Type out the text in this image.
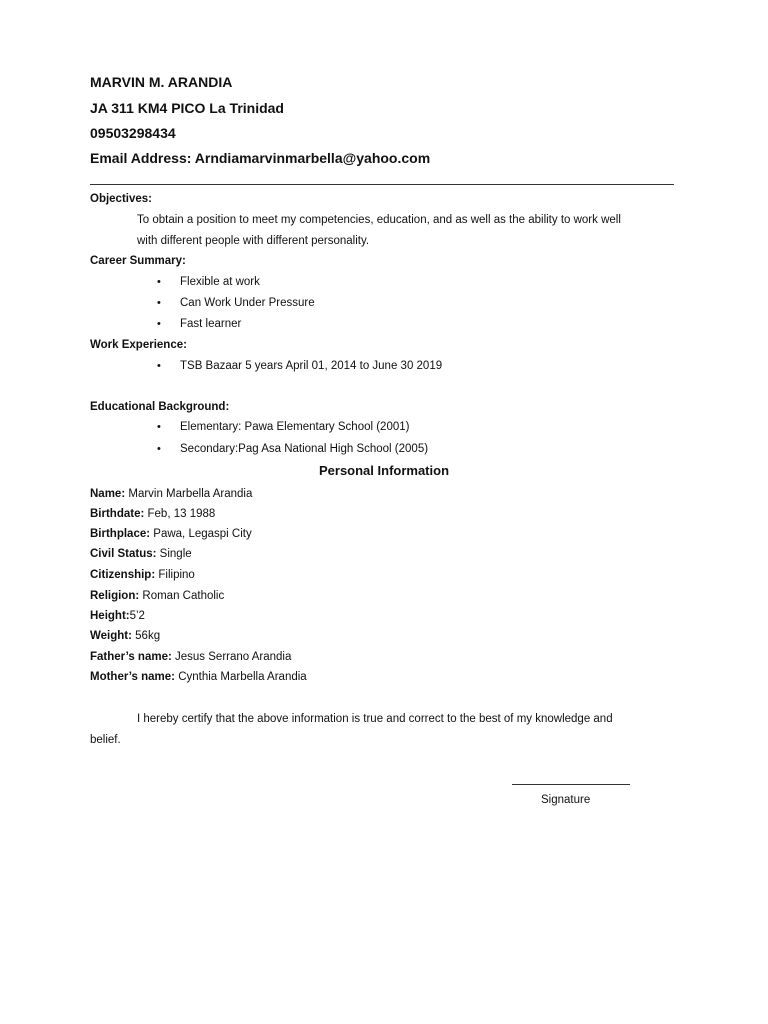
MARVIN M. ARANDIA
JA 311 KM4 PICO La Trinidad
09503298434
Email Address: Arndiamarvinmarbella@yahoo.com
Objectives:
To obtain a position to meet my competencies, education, and as well as the ability to work well
with different people with different personality.
Career Summary:
• Flexible at work
• Can Work Under Pressure
• Fast learner
Work Experience:
• TSB Bazaar 5 years April 01, 2014 to June 30 2019
Educational Background:
• Elementary: Pawa Elementary School (2001)
• Secondary:Pag Asa National High School (2005)
Personal Information
Name: Marvin Marbella Arandia
Birthdate: Feb, 13 1988
Birthplace: Pawa, Legaspi City
Civil Status: Single
Citizenship: Filipino
Religion: Roman Catholic
Height:5’2
Weight: 56kg
Father’s name: Jesus Serrano Arandia
Mother’s name: Cynthia Marbella Arandia
I hereby certify that the above information is true and correct to the best of my knowledge and
belief.
Signature
